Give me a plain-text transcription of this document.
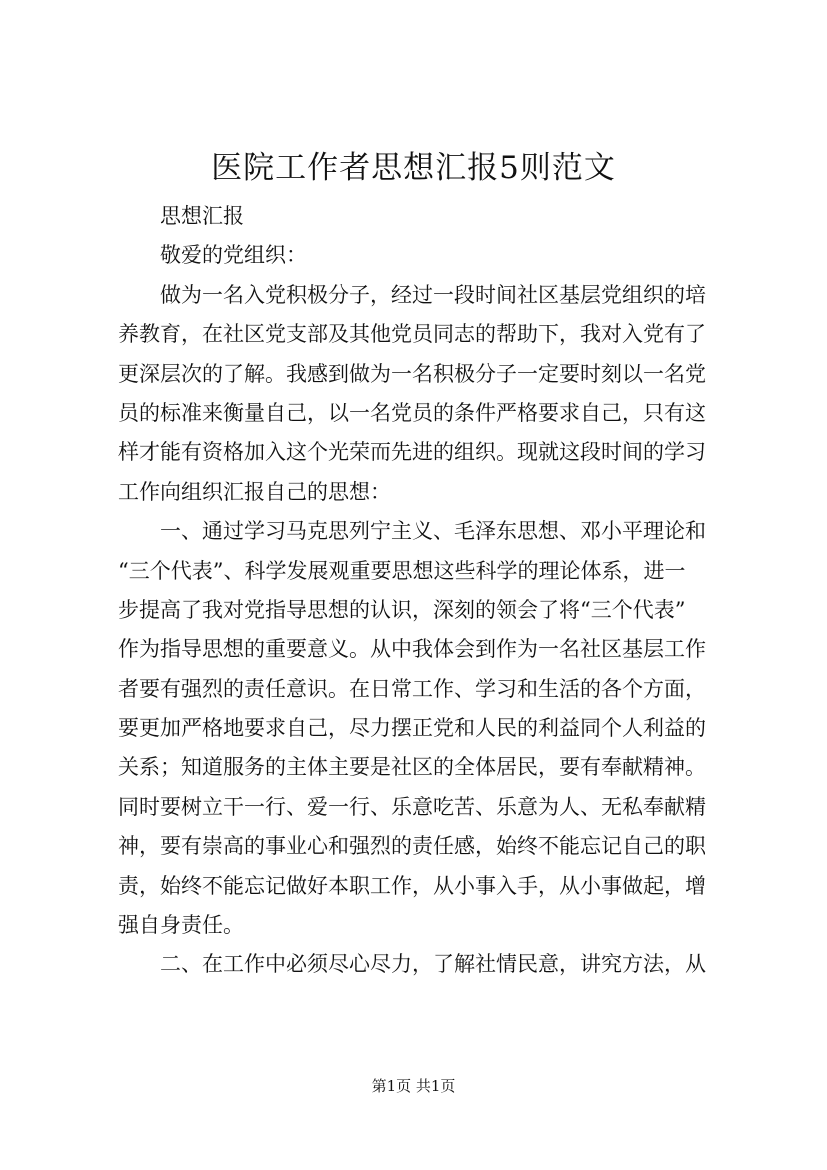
医院工作者思想汇报5则范文
思想汇报
敬爱的党组织：
做为一名入党积极分子，经过一段时间社区基层党组织的培
养教育，在社区党支部及其他党员同志的帮助下，我对入党有了
更深层次的了解。我感到做为一名积极分子一定要时刻以一名党
员的标准来衡量自己，以一名党员的条件严格要求自己，只有这
样才能有资格加入这个光荣而先进的组织。现就这段时间的学习
工作向组织汇报自己的思想：
一、通过学习马克思列宁主义、毛泽东思想、邓小平理论和
“三个代表”、科学发展观重要思想这些科学的理论体系，进一
步提高了我对党指导思想的认识，深刻的领会了将“三个代表”
作为指导思想的重要意义。从中我体会到作为一名社区基层工作
者要有强烈的责任意识。在日常工作、学习和生活的各个方面，
要更加严格地要求自己，尽力摆正党和人民的利益同个人利益的
关系；知道服务的主体主要是社区的全体居民，要有奉献精神。
同时要树立干一行、爱一行、乐意吃苦、乐意为人、无私奉献精
神，要有崇高的事业心和强烈的责任感，始终不能忘记自己的职
责，始终不能忘记做好本职工作，从小事入手，从小事做起，增
强自身责任。
二、在工作中必须尽心尽力，了解社情民意，讲究方法，从
第1页 共1页
